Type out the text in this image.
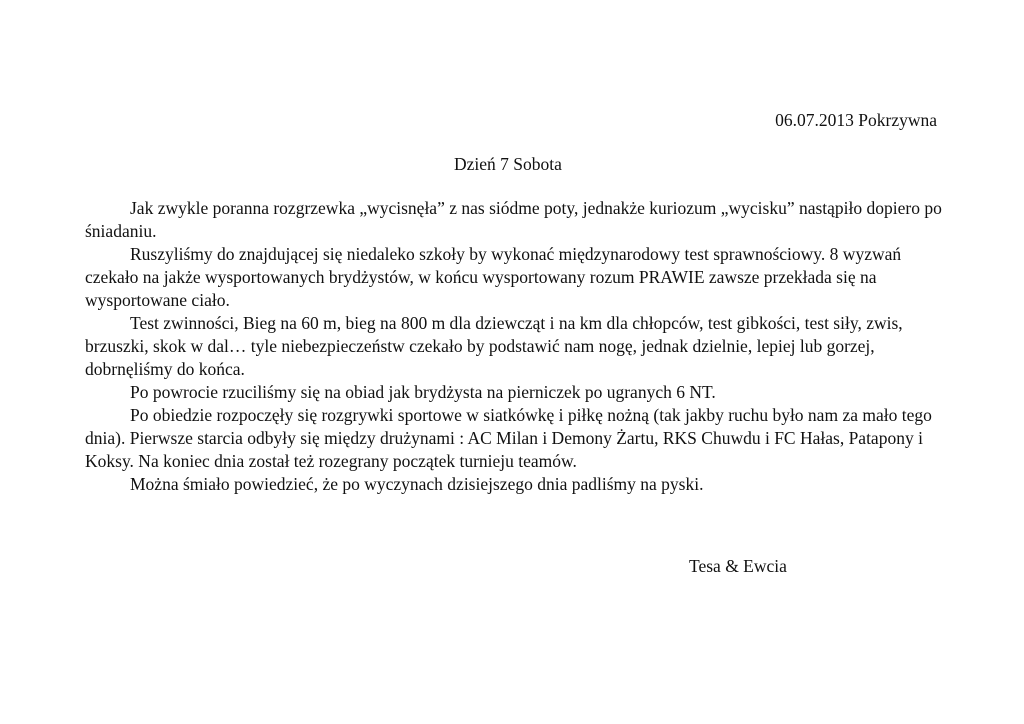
06.07.2013 Pokrzywna
Dzień 7 Sobota

Jak zwykle poranna rozgrzewka „wycisnęła” z nas siódme poty, jednakże kuriozum „wycisku” nastąpiło dopiero po śniadaniu.

Ruszyliśmy do znajdującej się niedaleko szkoły by wykonać międzynarodowy test sprawnościowy. 8 wyzwań czekało na jakże wysportowanych brydżystów, w końcu wysportowany rozum PRAWIE zawsze przekłada się na wysportowane ciało.

Test zwinności, Bieg na 60 m, bieg na 800 m dla dziewcząt i na km dla chłopców, test gibkości, test siły, zwis, brzuszki, skok w dal… tyle niebezpieczeństw czekało by podstawić nam nogę, jednak dzielnie, lepiej lub gorzej, dobrnęliśmy do końca.

Po powrocie rzuciliśmy się na obiad jak brydżysta na pierniczek po ugranych 6 NT.

Po obiedzie rozpoczęły się rozgrywki sportowe w siatkówkę i piłkę nożną (tak jakby ruchu było nam za mało tego dnia). Pierwsze starcia odbyły się między drużynami : AC Milan i Demony Żartu, RKS Chuwdu i FC Hałas, Patapony i Koksy. Na koniec dnia został też rozegrany początek turnieju teamów.

Można śmiało powiedzieć, że po wyczynach dzisiejszego dnia padliśmy na pyski.

Tesa & Ewcia
